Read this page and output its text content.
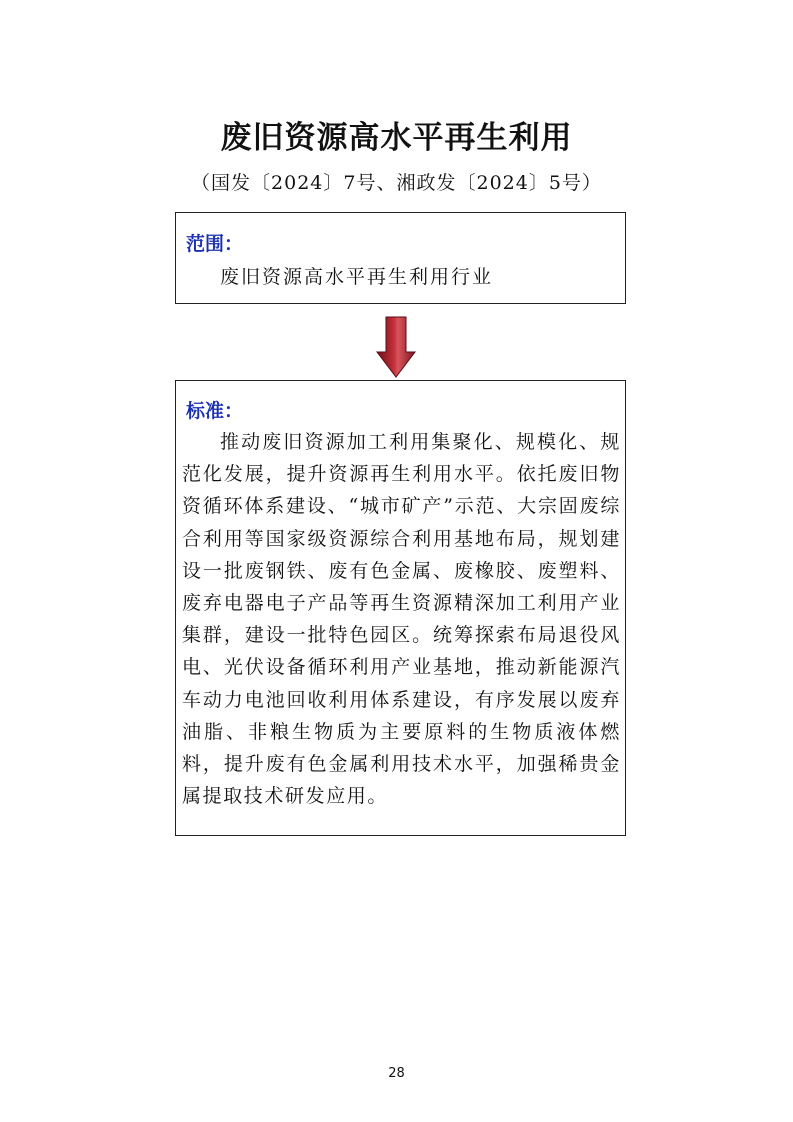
废旧资源高水平再生利用
（国发〔2024〕7号、湘政发〔2024〕5号）
范围：
废旧资源高水平再生利用行业
标准：

推动废旧资源加工利用集聚化、规模化、规范化发展，提升资源再生利用水平。依托废旧物资循环体系建设、“城市矿产”示范、大宗固废综合利用等国家级资源综合利用基地布局，规划建设一批废钢铁、废有色金属、废橡胶、废塑料、废弃电器电子产品等再生资源精深加工利用产业集群，建设一批特色园区。统筹探索布局退役风电、光伏设备循环利用产业基地，推动新能源汽车动力电池回收利用体系建设，有序发展以废弃油脂、非粮生物质为主要原料的生物质液体燃料，提升废有色金属利用技术水平，加强稀贵金属提取技术研发应用。

28
